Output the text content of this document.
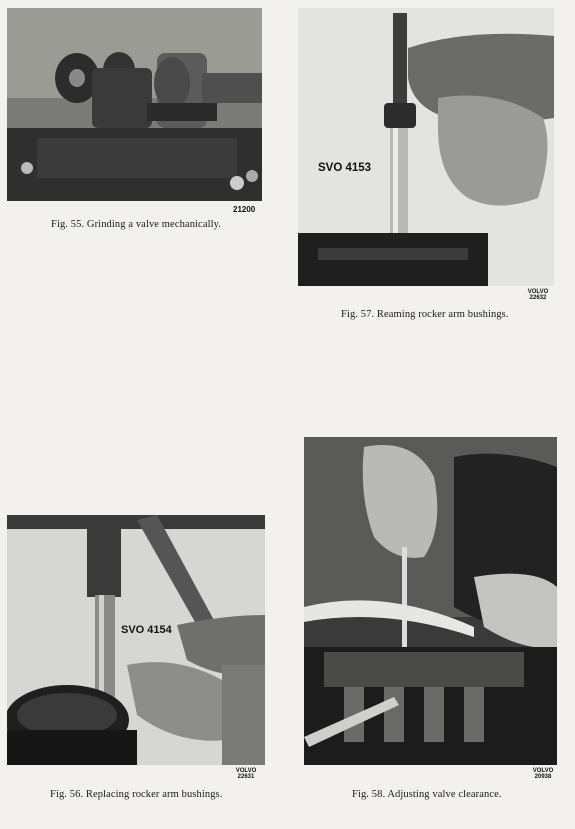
21200
Fig. 55. Grinding a valve mechanically.
SVO 4153
VOLVO
22632
Fig. 57. Reaming rocker arm bushings.
SVO 4154
VOLVO
22631
Fig. 56. Replacing rocker arm bushings.
VOLVO
20938
Fig. 58. Adjusting valve clearance.
